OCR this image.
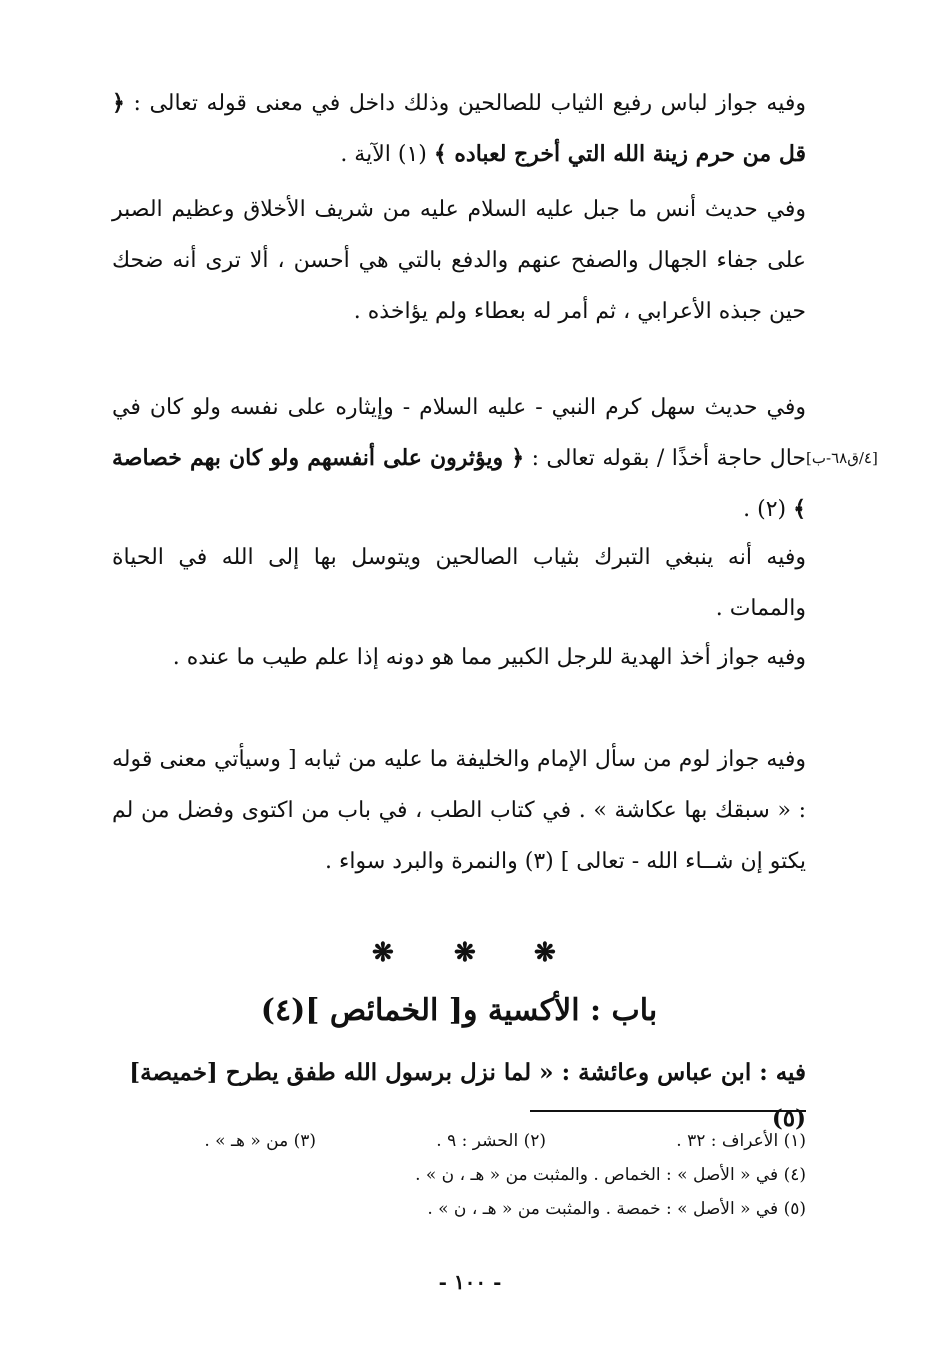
وفيه جواز لباس رفيع الثياب للصالحين وذلك داخل في معنى قوله تعالى : ﴿ قل من حرم زينة الله التي أخرج لعباده ﴾ (١) الآية .

وفي حديث أنس ما جبل عليه السلام عليه من شريف الأخلاق وعظيم الصبر على جفاء الجهال والصفح عنهم والدفع بالتي هي أحسن ، ألا ترى أنه ضحك حين جبذه الأعرابي ، ثم أمر له بعطاء ولم يؤاخذه .

وفي حديث سهل كرم النبي - عليه السلام - وإيثاره على نفسه ولو كان في حال حاجة أخذًا / بقوله تعالى : ﴿ ويؤثرون على أنفسهم ولو كان بهم خصاصة ﴾ (٢) .

[٤/ق٦٨-ب]

وفيه أنه ينبغي التبرك بثياب الصالحين ويتوسل بها إلى الله في الحياة والممات .

وفيه جواز أخذ الهدية للرجل الكبير مما هو دونه إذا علم طيب ما عنده .

وفيه جواز لوم من سأل الإمام والخليفة ما عليه من ثيابه [ وسيأتي معنى قوله : « سبقك بها عكاشة » . في كتاب الطب ، في باب من اكتوى وفضل من لم يكتو إن شــاء الله - تعالى ] (٣) والنمرة والبرد سواء .

❋
❋
❋
باب : الأكسية و[ الخمائص ](٤)

فيه : ابن عباس وعائشة : « لما نزل برسول الله طفق يطرح [خميصة](٥)

(١) الأعراف : ٣٢ .
(٢) الحشر : ٩ .
(٣) من « هـ » .
(٤) في « الأصل » : الخماص . والمثبت من « هـ ، ن » .
(٥) في « الأصل » : خمصة . والمثبت من « هـ ، ن » .
- ١٠٠ -
